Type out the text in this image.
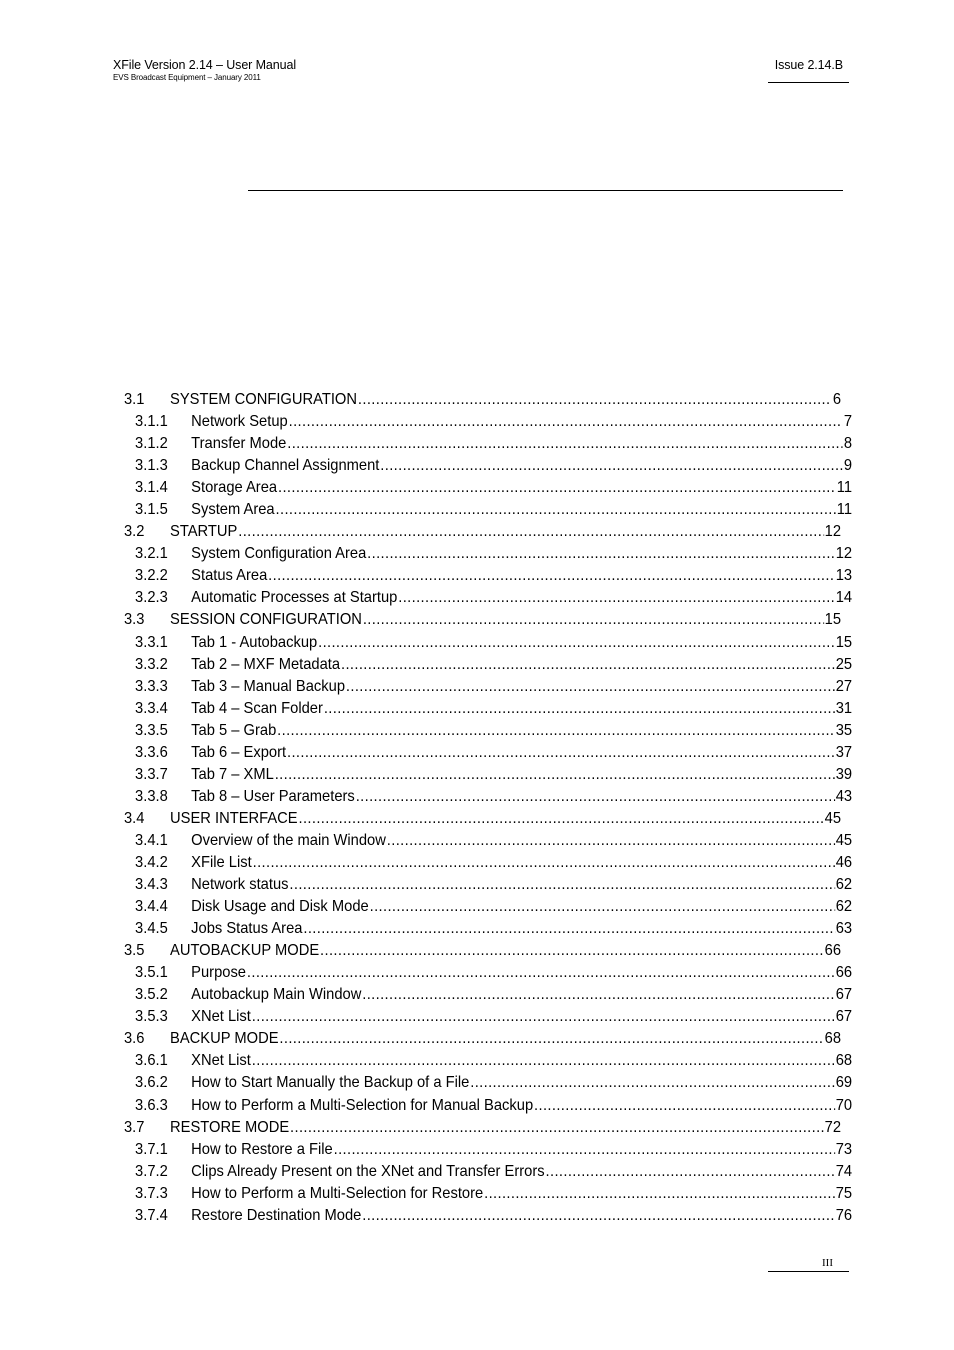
XFile Version 2.14 – User Manual
EVS Broadcast Equipment – January 2011
Issue 2.14.B
3.1	SYSTEM CONFIGURATION .....	6
3.1.1	Network Setup .....	7
3.1.2	Transfer Mode .....	8
3.1.3	Backup Channel Assignment .....	9
3.1.4	Storage Area .....	11
3.1.5	System Area .....	11
3.2	STARTUP .....	12
3.2.1	System Configuration Area .....	12
3.2.2	Status Area .....	13
3.2.3	Automatic Processes at Startup .....	14
3.3	SESSION CONFIGURATION .....	15
3.3.1	Tab 1 - Autobackup .....	15
3.3.2	Tab 2 – MXF Metadata .....	25
3.3.3	Tab 3 – Manual Backup .....	27
3.3.4	Tab 4 – Scan Folder .....	31
3.3.5	Tab 5 – Grab .....	35
3.3.6	Tab 6 – Export .....	37
3.3.7	Tab 7 – XML .....	39
3.3.8	Tab 8 – User Parameters .....	43
3.4	USER INTERFACE .....	45
3.4.1	Overview of the main Window .....	45
3.4.2	XFile List .....	46
3.4.3	Network status .....	62
3.4.4	Disk Usage and Disk Mode .....	62
3.4.5	Jobs Status Area .....	63
3.5	AUTOBACKUP MODE .....	66
3.5.1	Purpose .....	66
3.5.2	Autobackup Main Window .....	67
3.5.3	XNet List .....	67
3.6	BACKUP MODE .....	68
3.6.1	XNet List .....	68
3.6.2	How to Start Manually the Backup of a File .....	69
3.6.3	How to Perform a Multi-Selection for Manual Backup .....	70
3.7	RESTORE MODE .....	72
3.7.1	How to Restore a File .....	73
3.7.2	Clips Already Present on the XNet and Transfer Errors .....	74
3.7.3	How to Perform a Multi-Selection for Restore .....	75
3.7.4	Restore Destination Mode .....	76
III
